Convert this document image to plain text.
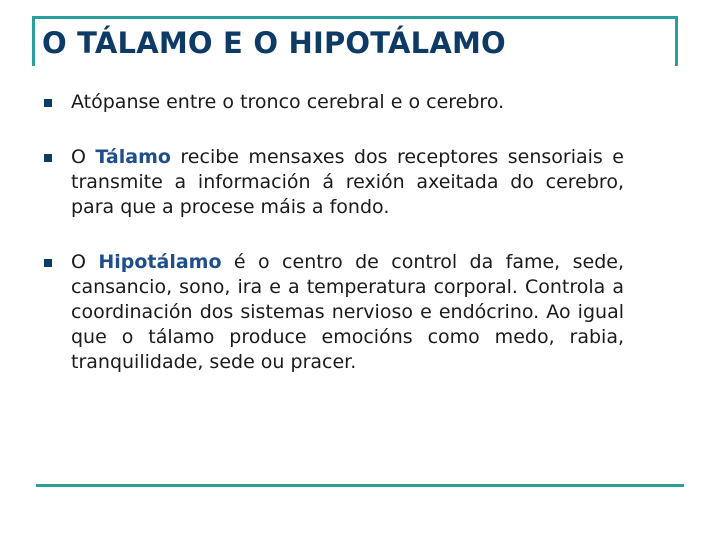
O TÁLAMO E O HIPOTÁLAMO
Atópanse entre o tronco cerebral e o cerebro.
O Tálamo recibe mensaxes dos receptores sensoriais e transmite a información á rexión axeitada do cerebro, para que a procese máis a fondo.
O Hipotálamo é o centro de control da fame, sede, cansancio, sono, ira e a temperatura corporal. Controla a coordinación dos sistemas nervioso e endócrino. Ao igual que o tálamo produce emocións como medo, rabia, tranquilidade, sede ou pracer.
